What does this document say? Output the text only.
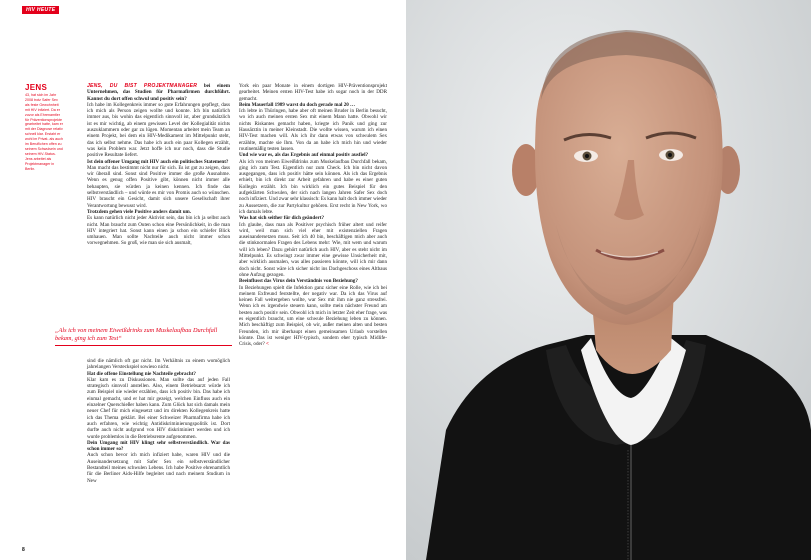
HIV HEUTE
JENS
43, hat sich im Jahr 2008 trotz Safer Sex als feste Gewohnheit mit HIV infiziert. Da er zuvor als Ehrenamtler für Präventionsprojekte gearbeitet hatte, kam er mit der Diagnose relativ schnell klar. Erstaht er wohl im Privat- als auch im Beruflichen offen zu seinem Schwulsein und seinem HIV-Status. Jens arbeitet als Projektmanager in Berlin.

JENS, DU BIST PROJEKTMANAGER bei einem Unternehmen, das Studien für Pharmafirmen durchführt. Kannst du dort offen schwul und positiv sein?

Ich habe im Kollegenkreis immer so gute Erfahrungen gepflegt, dass ich mich als Person zeigen wollte und konnte. Ich bin natürlich immer aus, bis wohin das eigentlich sinnvoll ist, aber grundsätzlich ist es mir wichtig, ab einem gewissen Level der Kollegialität nichts auszuklammern oder gar zu lügen. Momentan arbeitet mein Team an einem Projekt, bei dem ein HIV-Medikament im Mittelpunkt steht, das ich selbst nehme. Das habe ich auch ein paar Kollegen erzählt, was kein Problem war. Jetzt hoffe ich nur noch, dass die Studie positive Resultate liefert.

Ist dein offener Umgang mit HIV auch ein politisches Statement?

Man macht das bestimmt nicht nur für sich. Es ist gut zu zeigen, dass wir überall sind. Sonst sind Positive immer die große Ausnahme. Wenn es genug offen Positive gibt, können nicht immer alle behaupten, sie würden ja keinen kennen. Ich finde das selbstverständlich – und würde es mir von Promis auch so wünschen. HIV braucht ein Gesicht, damit sich unsere Gesellschaft ihrer Verantwortung bewusst wird.

Trotzdem gehen viele Positive anders damit um.

Es kann natürlich nicht jeder Aktivist sein, das bin ich ja selbst auch nicht. Man braucht zum Outen schon eine Persönlichkeit, in die man HIV integriert hat. Sonst kann einen ja schon ein schiefer Blick umhauen. Man sollte Nachteile auch nicht immer schon vorwegnehmen. So groß, wie man sie sich ausmalt,

„Als ich von meinem Eiweißdrinks zum Muskelaufbau Durchfall bekam, ging ich zum Test“

sind die nämlich oft gar nicht. Im Verhältnis zu einem womöglich jahrelangen Versteckspiel sowieso nicht.

Hat die offene Einstellung nie Nachteile gebracht?

Klar kam es zu Diskussionen. Man sollte das auf jeden Fall strategisch sinnvoll anstellen. Also, einem Betriebsarzt würde ich zum Beispiel nie wieder erzählen, dass ich positiv bin. Das habe ich einmal gemacht, und er hat mir gezeigt, welchen Einfluss auch ein einzelner Querschießer haben kann. Zum Glück hat sich damals mein neuer Chef für mich eingesetzt und im direkten Kollegenkreis hatte ich das Thema geklärt. Bei einer Schweizer Pharmafirma habe ich auch erfahren, wie wichtig Antidiskriminierungspolitik ist. Dort durfte auch nicht aufgrund von HIV diskriminiert werden und ich wurde problemlos in die Betriebsrente aufgenommen.

Dein Umgang mit HIV klingt sehr selbstverständlich. War das schon immer so?

Auch schon bevor ich mich infiziert habe, waren HIV und die Auseinandersetzung mit Safer Sex ein selbstverständlicher Bestandteil meines schwulen Lebens. Ich habe Positive ehrenamtlich für die Berliner Aids-Hilfe begleitet und nach meinem Studium in New

York ein paar Monate in einem dortigen HIV-Präventionsprojekt gearbeitet. Meinen ersten HIV-Test habe ich sogar noch in der DDR gemacht.

Beim Mauerfall 1989 warst du doch gerade mal 20 …

Ich lebte in Thüringen, habe aber oft meinen Bruder in Berlin besucht, wo ich auch meinen ersten Sex mit einem Mann hatte. Obwohl wir nichts Riskantes gemacht haben, kriegte ich Panik und ging zur Hausärztin in meiner Kleinstadt. Die wollte wissen, warum ich einen HIV-Test machen will. Als ich ihr dann etwas von schwulem Sex erzählte, machte sie Ihm. Von da an habe ich mich hin und wieder routinemäßig testen lassen.

Und wie war es, als das Ergebnis auf einmal positiv ausfiel?

Als ich von meinen Eiweißdrinks zum Muskelaufbau Durchfall bekam, ging ich zum Test. Eigentlich nur zum Check. Ich bin nicht davon ausgegangen, dass ich positiv hätte sein können. Als ich das Ergebnis erhielt, bin ich direkt zur Arbeit gefahren und habe es einer guten Kollegin erzählt. Ich bin wirklich ein gutes Beispiel für den aufgeklärten Schwulen, der sich nach langen Jahren Safer Sex doch noch infiziert. Und zwar sehr klassisch: Es kann halt doch immer wieder zu Aussetzern, die zur Partykultur gehören. Erst recht in New York, wo ich damals lebte.

Was hat sich seither für dich geändert?

Ich glaube, dass man als Positiver psychisch früher altert und reifer wird, weil man sich viel eher mit existenziellen Fragen auseinandersetzen muss. Seit ich 40 bin, beschäftigen mich aber auch die stinknormalen Fragen des Lebens mehr: Wie, mit wem und warum will ich leben? Dazu gehört natürlich auch HIV, aber es steht nicht im Mittelpunkt. Es schwingt zwar immer eine gewisse Unsicherheit mit, aber wirklich ausmalen, was alles passieren könnte, will ich mir dann doch nicht. Sonst wäre ich sicher nicht ins Dachgeschoss eines Altbaus ohne Aufzug gezogen.

Beeinflusst das Virus dein Verständnis von Beziehung?

In Beziehungen spielt die Infektion ganz sicher eine Rolle, wie ich bei meinem Exfreund feststellte, der negativ war. Da ich das Virus auf keinen Fall weitergeben wollte, war Sex mit ihm nie ganz stressfrei. Wenn ich es irgendwie steuern kann, sollte mein nächster Freund am besten auch positiv sein. Obwohl ich mich in letzter Zeit eher frage, was es eigentlich braucht, um eine schwule Beziehung leben zu können. Mich beschäftigt zum Beispiel, ob wir, außer meinen alten und besten Freunden, ich mir überhaupt einen gemeinsamen Urlaub vorstellen könnte. Das ist weniger HIV-typisch, sondern eher typisch Midlife-Crisis, oder? <

8
